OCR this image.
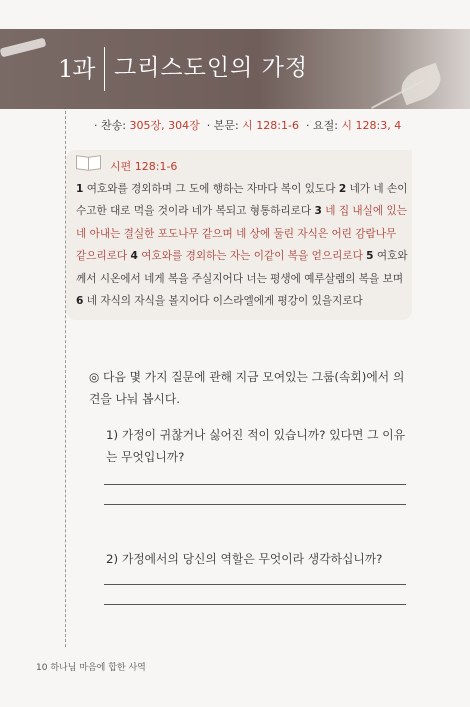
1과 그리스도인의 가정
· 찬송: 305장, 304장 · 본문: 시 128:1-6 · 요절: 시 128:3, 4
시편 128:1-6
1 여호와를 경외하며 그 도에 행하는 자마다 복이 있도다 2 네가 네 손이 수고한 대로 먹을 것이라 네가 복되고 형통하리로다 3 네 집 내실에 있는 네 아내는 결실한 포도나무 같으며 네 상에 둘린 자식은 어린 감람나무 같으리로다 4 여호와를 경외하는 자는 이같이 복을 얻으리로다 5 여호와께서 시온에서 네게 복을 주실지어다 너는 평생에 예루살렘의 복을 보며 6 네 자식의 자식을 볼지어다 이스라엘에게 평강이 있을지로다
◎ 다음 몇 가지 질문에 관해 지금 모여있는 그룹(속회)에서 의견을 나눠 봅시다.
1) 가정이 귀찮거나 싫어진 적이 있습니까? 있다면 그 이유는 무엇입니까?
2) 가정에서의 당신의 역할은 무엇이라 생각하십니까?
10 하나님 마음에 합한 사역
